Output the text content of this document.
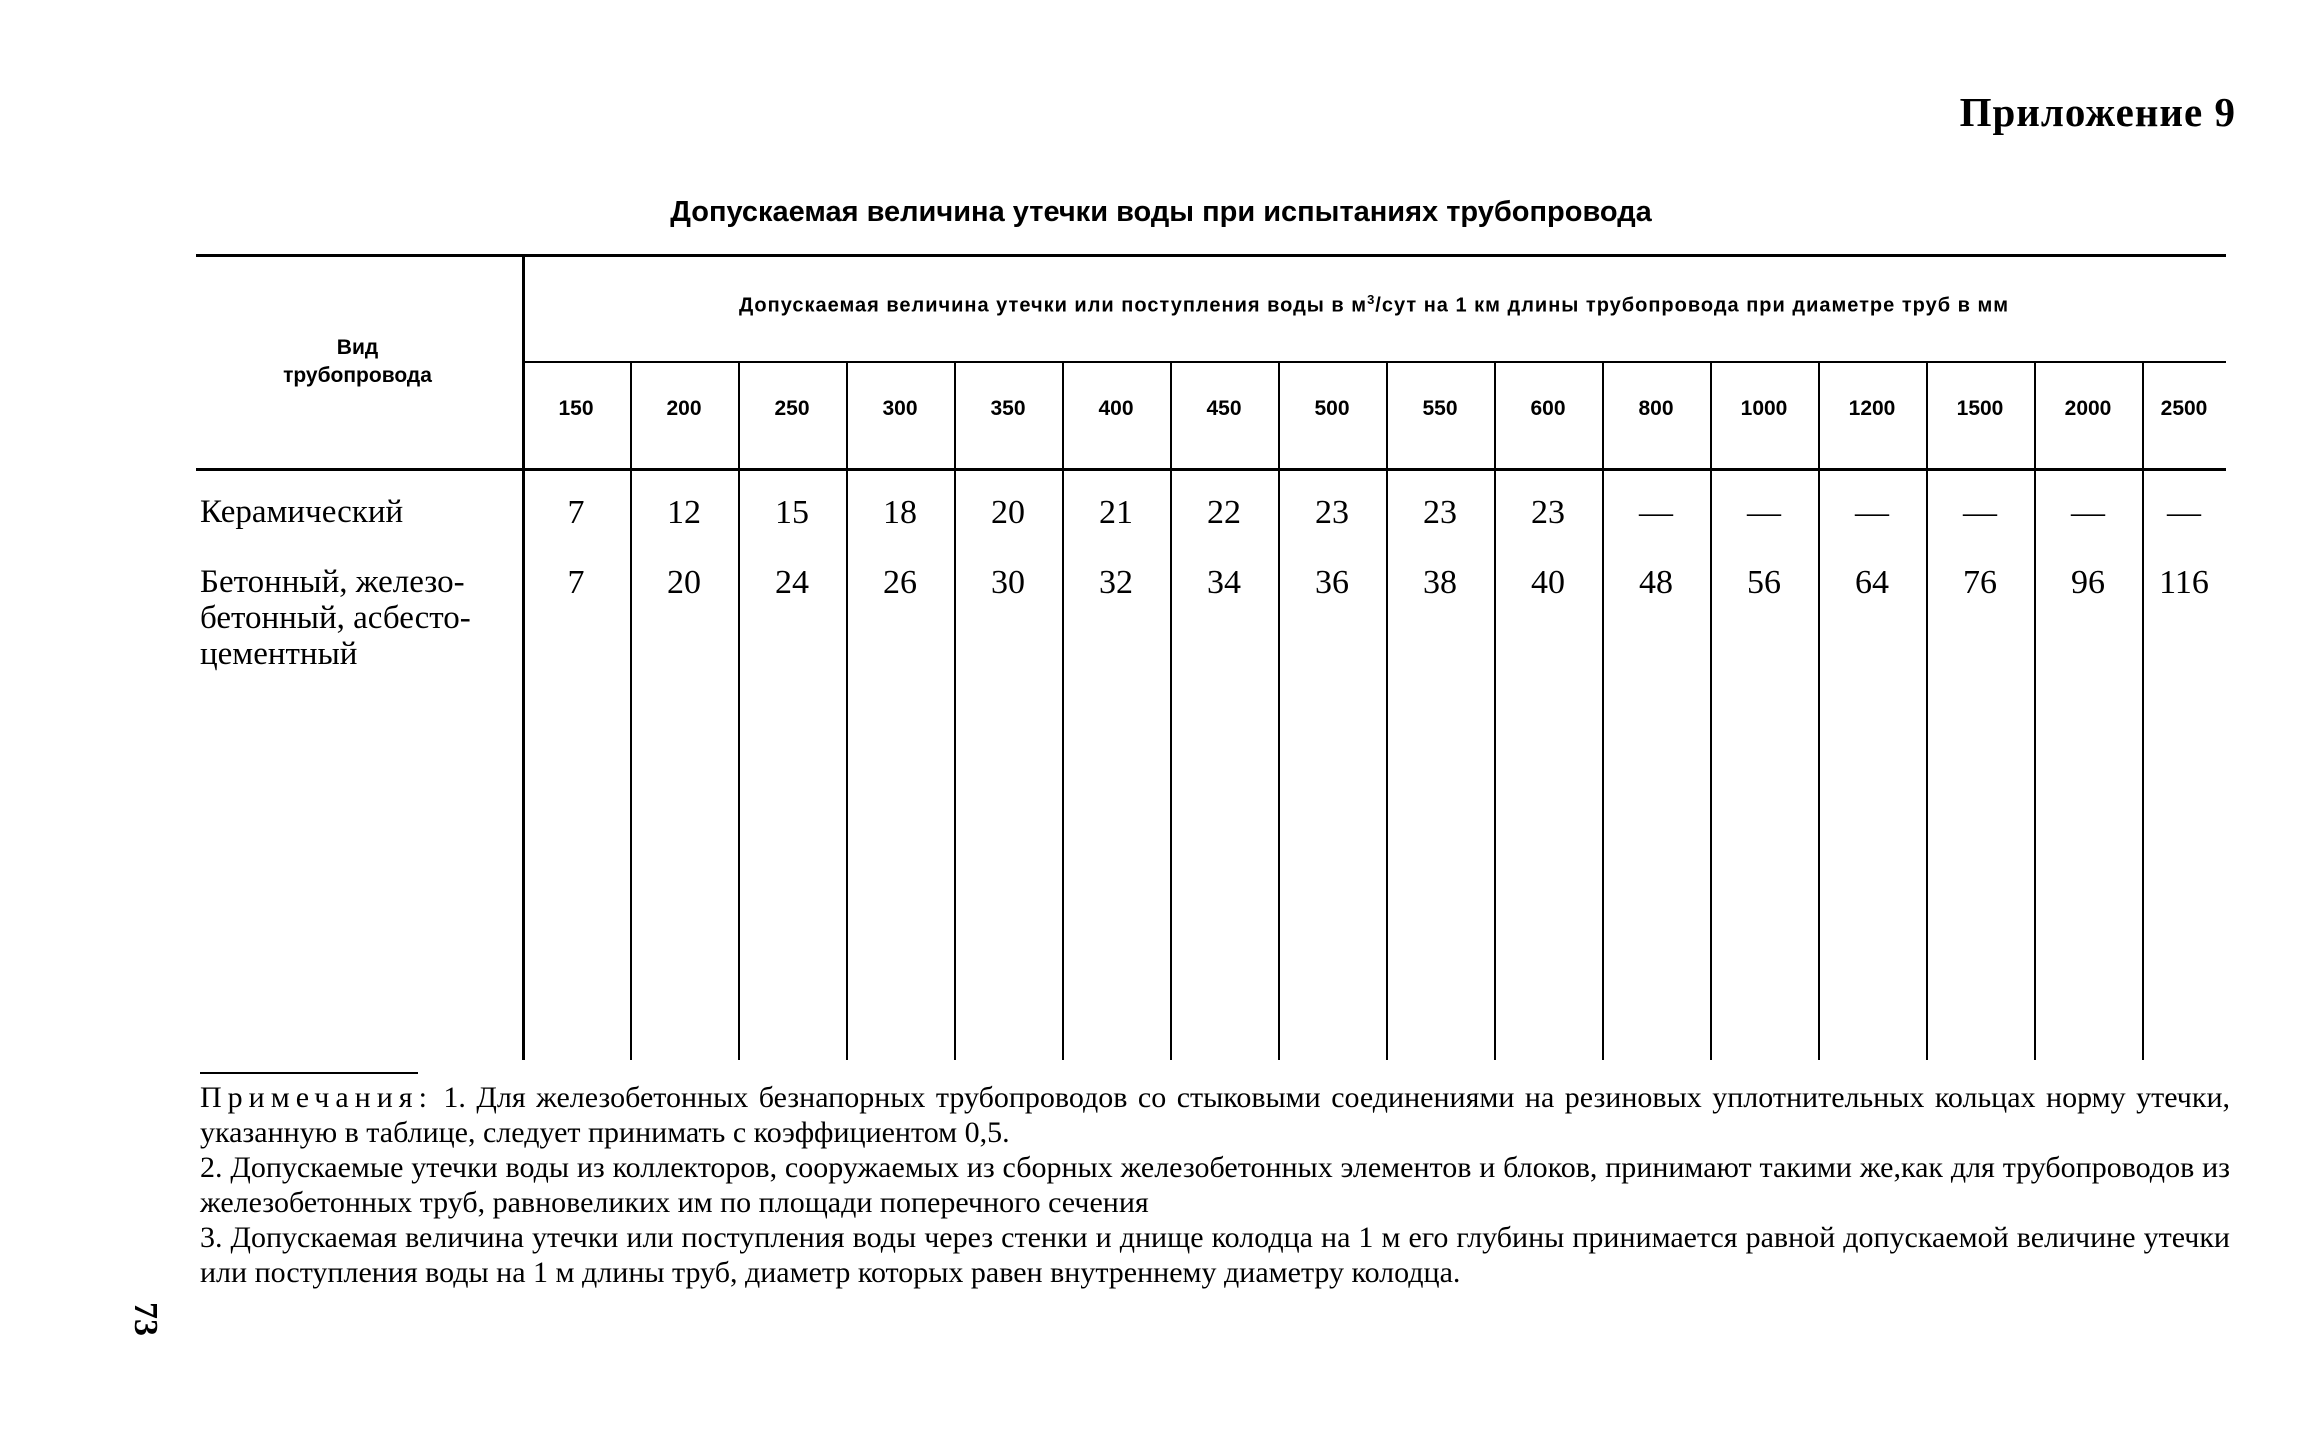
Приложение 9
Допускаемая величина утечки воды при испытаниях трубопровода
Вид
трубопровода
Допускаемая величина утечки или поступления воды в $м^3$/сут на 1 км длины трубопровода при диаметре труб в мм
150	200	250	300	350	400	450	500	550	600	800	1000	1200	1500	2000	2500
Керамический	7	12	15	18	20	21	22	23	23	23	—	—	—	—	—	—
Бетонный, железо-
бетонный, асбесто-
цементный
7	20	24	26	30	32	34	36	38	40	48	56	64	76	96	116

Примечания: 1. Для железобетонных безнапорных трубопроводов со стыковыми соединениями на резиновых уплотнительных кольцах норму утечки, указанную в таблице, следует принимать с коэффициентом 0,5.

2. Допускаемые утечки воды из коллекторов, сооружаемых из сборных железобетонных элементов и блоков, принимают такими же,как для трубопроводов из железобетонных труб, равновеликих им по площади поперечного сечения

3. Допускаемая величина утечки или поступления воды через стенки и днище колодца на 1 м его глубины принимается равной допускаемой величине утечки или поступления воды на 1 м длины труб, диаметр которых равен внутреннему диаметру колодца.

73
